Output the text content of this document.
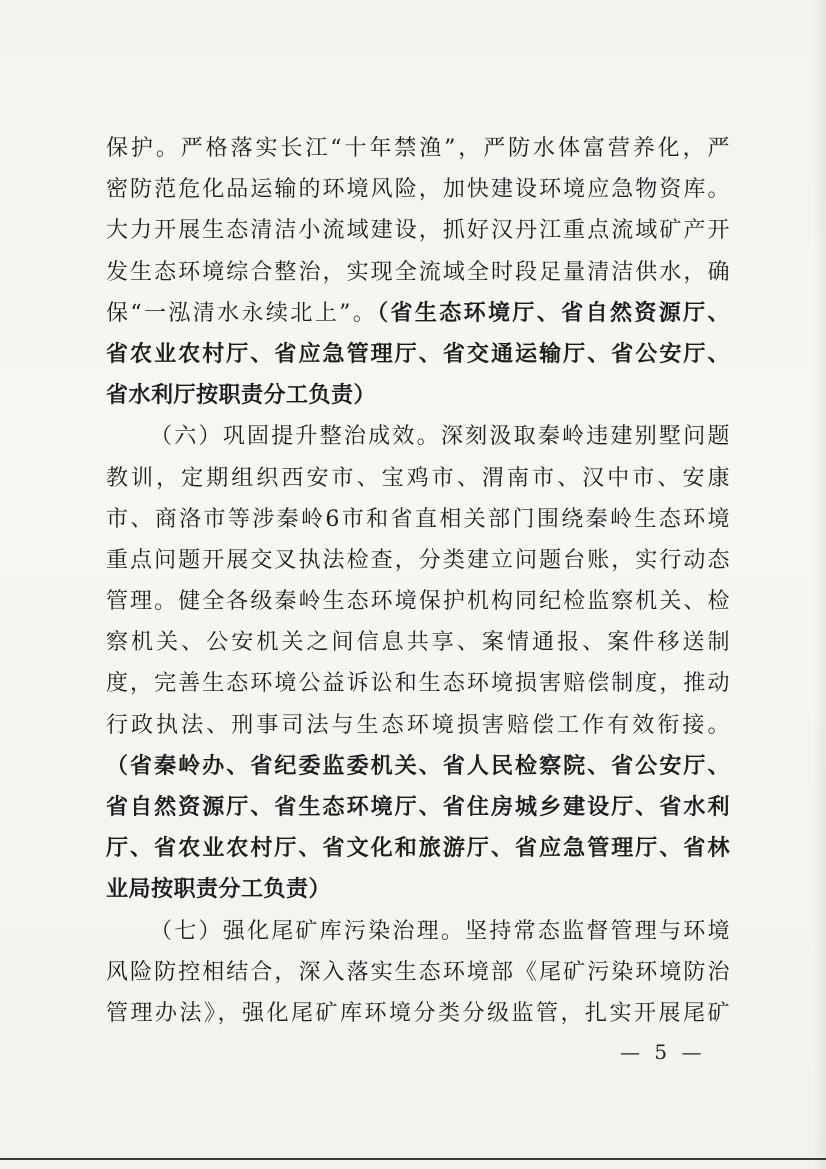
保护。严格落实长江“十年禁渔”，严防水体富营养化，严
密防范危化品运输的环境风险，加快建设环境应急物资库。
大力开展生态清洁小流域建设，抓好汉丹江重点流域矿产开
发生态环境综合整治，实现全流域全时段足量清洁供水，确
保“一泓清水永续北上”。（省生态环境厅、省自然资源厅、
省农业农村厅、省应急管理厅、省交通运输厅、省公安厅、
省水利厅按职责分工负责）
（六）巩固提升整治成效。深刻汲取秦岭违建别墅问题
教训，定期组织西安市、宝鸡市、渭南市、汉中市、安康
市、商洛市等涉秦岭6市和省直相关部门围绕秦岭生态环境
重点问题开展交叉执法检查，分类建立问题台账，实行动态
管理。健全各级秦岭生态环境保护机构同纪检监察机关、检
察机关、公安机关之间信息共享、案情通报、案件移送制
度，完善生态环境公益诉讼和生态环境损害赔偿制度，推动
行政执法、刑事司法与生态环境损害赔偿工作有效衔接。
（省秦岭办、省纪委监委机关、省人民检察院、省公安厅、
省自然资源厅、省生态环境厅、省住房城乡建设厅、省水利
厅、省农业农村厅、省文化和旅游厅、省应急管理厅、省林
业局按职责分工负责）
（七）强化尾矿库污染治理。坚持常态监督管理与环境
风险防控相结合，深入落实生态环境部《尾矿污染环境防治
管理办法》，强化尾矿库环境分类分级监管，扎实开展尾矿
— 5 —
